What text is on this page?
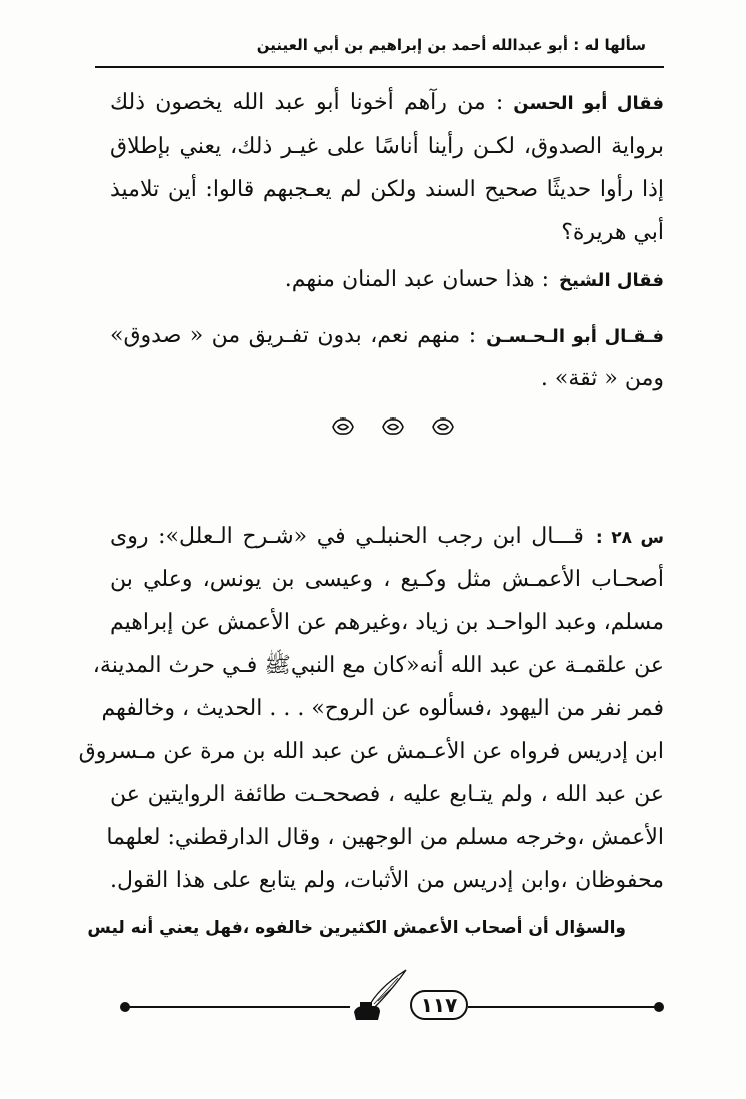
سألها له : أبو عبدالله أحمد بن إبراهيم بن أبي العينين
فقال أبو الحسن: من رآهم أخونا أبو عبد الله يخصون ذلك
برواية الصدوق، لكـن رأينا أناسًا على غيـر ذلك، يعني بإطلاق
إذا رأوا حديثًا صحيح السند ولكن لم يعـجبهم قالوا: أين تلاميذ
أبي هريرة؟
فقال الشيخ: هذا حسان عبد المنان منهم.
فـقـال أبو الـحـسـن: منهم نعم، بدون تفـريق من « صدوق»
ومن « ثقة» .
س ٢٨ :قـــال ابن رجب الحنبلـي في «شـرح الـعلل»: روى
أصحـاب الأعمـش مثل وكـيع ، وعيسى بن يونس، وعلي بن
مسلم، وعبد الواحـد بن زياد ،وغيرهم عن الأعمش عن إبراهيم
عن علقمـة عن عبد الله أنه«كان مع النبيﷺ فـي حرث المدينة،
فمر نفر من اليهود ،فسألوه عن الروح» . . . الحديث ، وخالفهم
ابن إدريس فرواه عن الأعـمش عن عبد الله بن مرة عن مـسروق
عن عبد الله ، ولم يتـابع عليه ، فصححـت طائفة الروايتين عن
الأعمش ،وخرجه مسلم من الوجهين ، وقال الدارقطني: لعلهما
محفوظان ،وابن إدريس من الأثبات، ولم يتابع على هذا القول.
والسؤال أن أصحاب الأعمش الكثيرين خالفوه ،فهل يعني أنه ليس
١١٧
